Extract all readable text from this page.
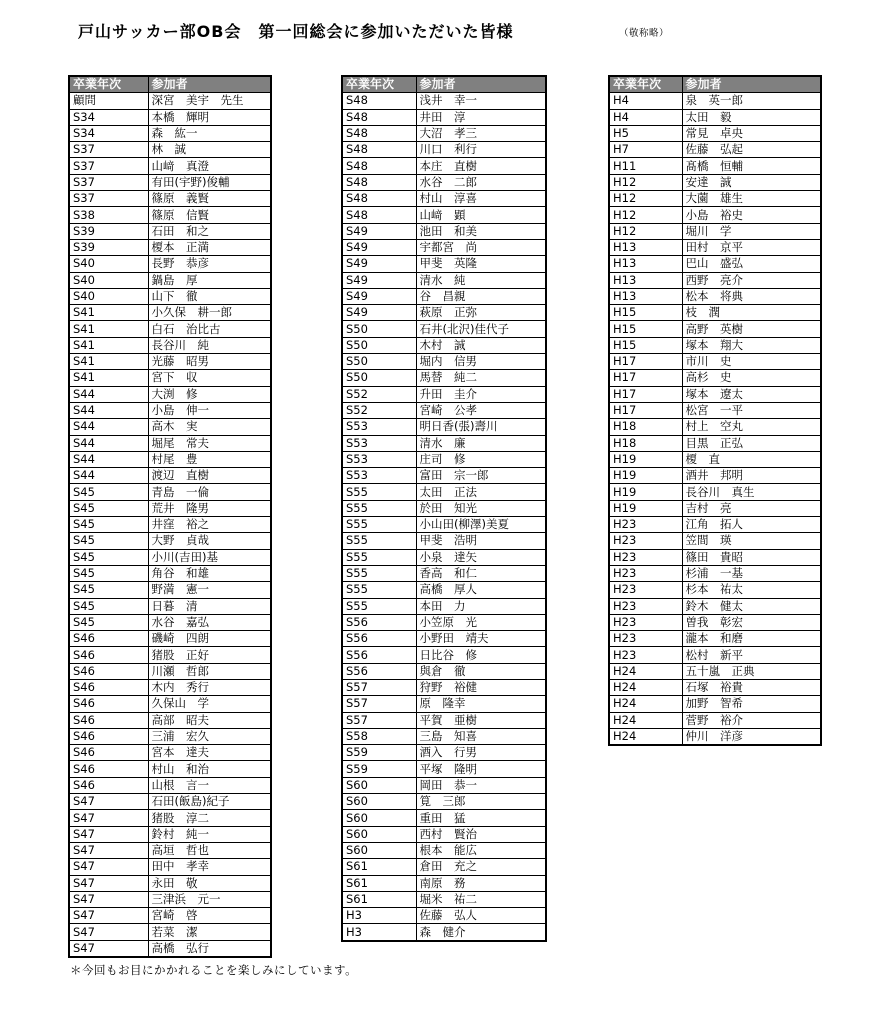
戸山サッカー部OB会　第一回総会に参加いただいた皆様	（敬称略）
卒業年次	参加者
顧問	深宮　美宇　先生
S34	本橋　輝明
S34	森　紘一
S37	林　誠
S37	山﨑　真澄
S37	有田(宇野)俊輔
S37	篠原　義賢
S38	篠原　信賢
S39	石田　和之
S39	榎本　正満
S40	長野　恭彦
S40	鍋島　厚
S40	山下　徹
S41	小久保　耕一郎
S41	白石　治比古
S41	長谷川　純
S41	光藤　昭男
S41	宮下　収
S44	大渕　修
S44	小島　伸一
S44	高木　実
S44	堀尾　常夫
S44	村尾　豊
S44	渡辺　直樹
S45	青島　一倫
S45	荒井　隆男
S45	井窪　裕之
S45	大野　貞哉
S45	小川(吉田)基
S45	角谷　和雄
S45	野満　憲一
S45	日暮　清
S45	水谷　嘉弘
S46	磯崎　四朗
S46	猪股　正好
S46	川瀬　哲郎
S46	木内　秀行
S46	久保山　学
S46	高部　昭夫
S46	三浦　宏久
S46	宮本　達夫
S46	村山　和治
S46	山根　言一
S47	石田(飯島)紀子
S47	猪股　淳二
S47	鈴村　純一
S47	高垣　哲也
S47	田中　孝幸
S47	永田　敬
S47	三津浜　元一
S47	宮崎　啓
S47	若菜　潔
S47	高橋　弘行
卒業年次	参加者
S48	浅井　幸一
S48	井田　淳
S48	大沼　孝三
S48	川口　利行
S48	本庄　直樹
S48	水谷　二郎
S48	村山　淳喜
S48	山﨑　顕
S49	池田　和美
S49	宇都宮　尚
S49	甲斐　英隆
S49	清水　純
S49	谷　昌親
S49	萩原　正弥
S50	石井(北沢)佳代子
S50	木村　誠
S50	堀内　信男
S50	馬替　純二
S52	升田　圭介
S52	宮崎　公孝
S53	明日香(張)壽川
S53	清水　廉
S53	庄司　修
S53	富田　宗一郎
S55	太田　正法
S55	於田　知光
S55	小山田(柳澤)美夏
S55	甲斐　浩明
S55	小泉　達矢
S55	香高　和仁
S55	高橋　厚人
S55	本田　力
S56	小笠原　光
S56	小野田　靖夫
S56	日比谷　修
S56	與倉　徹
S57	狩野　裕健
S57	原　隆幸
S57	平賀　亜樹
S58	三島　知喜
S59	酒入　行男
S59	平塚　隆明
S60	岡田　恭一
S60	筧　三郎
S60	重田　猛
S60	西村　賢治
S60	根本　能広
S61	倉田　充之
S61	南原　務
S61	堀米　祐二
H3	佐藤　弘人
H3	森　健介
卒業年次	参加者
H4	泉　英一郎
H4	太田　毅
H5	常見　卓央
H7	佐藤　弘起
H11	髙橋　恒輔
H12	安達　誠
H12	大薗　雄生
H12	小島　裕史
H12	堀川　学
H13	田村　京平
H13	巴山　盛弘
H13	西野　亮介
H13	松本　将典
H15	枝　潤
H15	高野　英樹
H15	塚本　翔大
H17	市川　史
H17	高杉　史
H17	塚本　遼太
H17	松宮　一平
H18	村上　空丸
H18	目黒　正弘
H19	榎　直
H19	酒井　邦明
H19	長谷川　真生
H19	吉村　亮
H23	江角　拓人
H23	笠間　瑛
H23	篠田　貴昭
H23	杉浦　一基
H23	杉本　祐太
H23	鈴木　健太
H23	曽我　彰宏
H23	瀧本　和磨
H23	松村　新平
H24	五十嵐　正典
H24	石塚　裕貴
H24	加野　智希
H24	菅野　裕介
H24	仲川　洋彦
＊今回もお目にかかれることを楽しみにしています。
